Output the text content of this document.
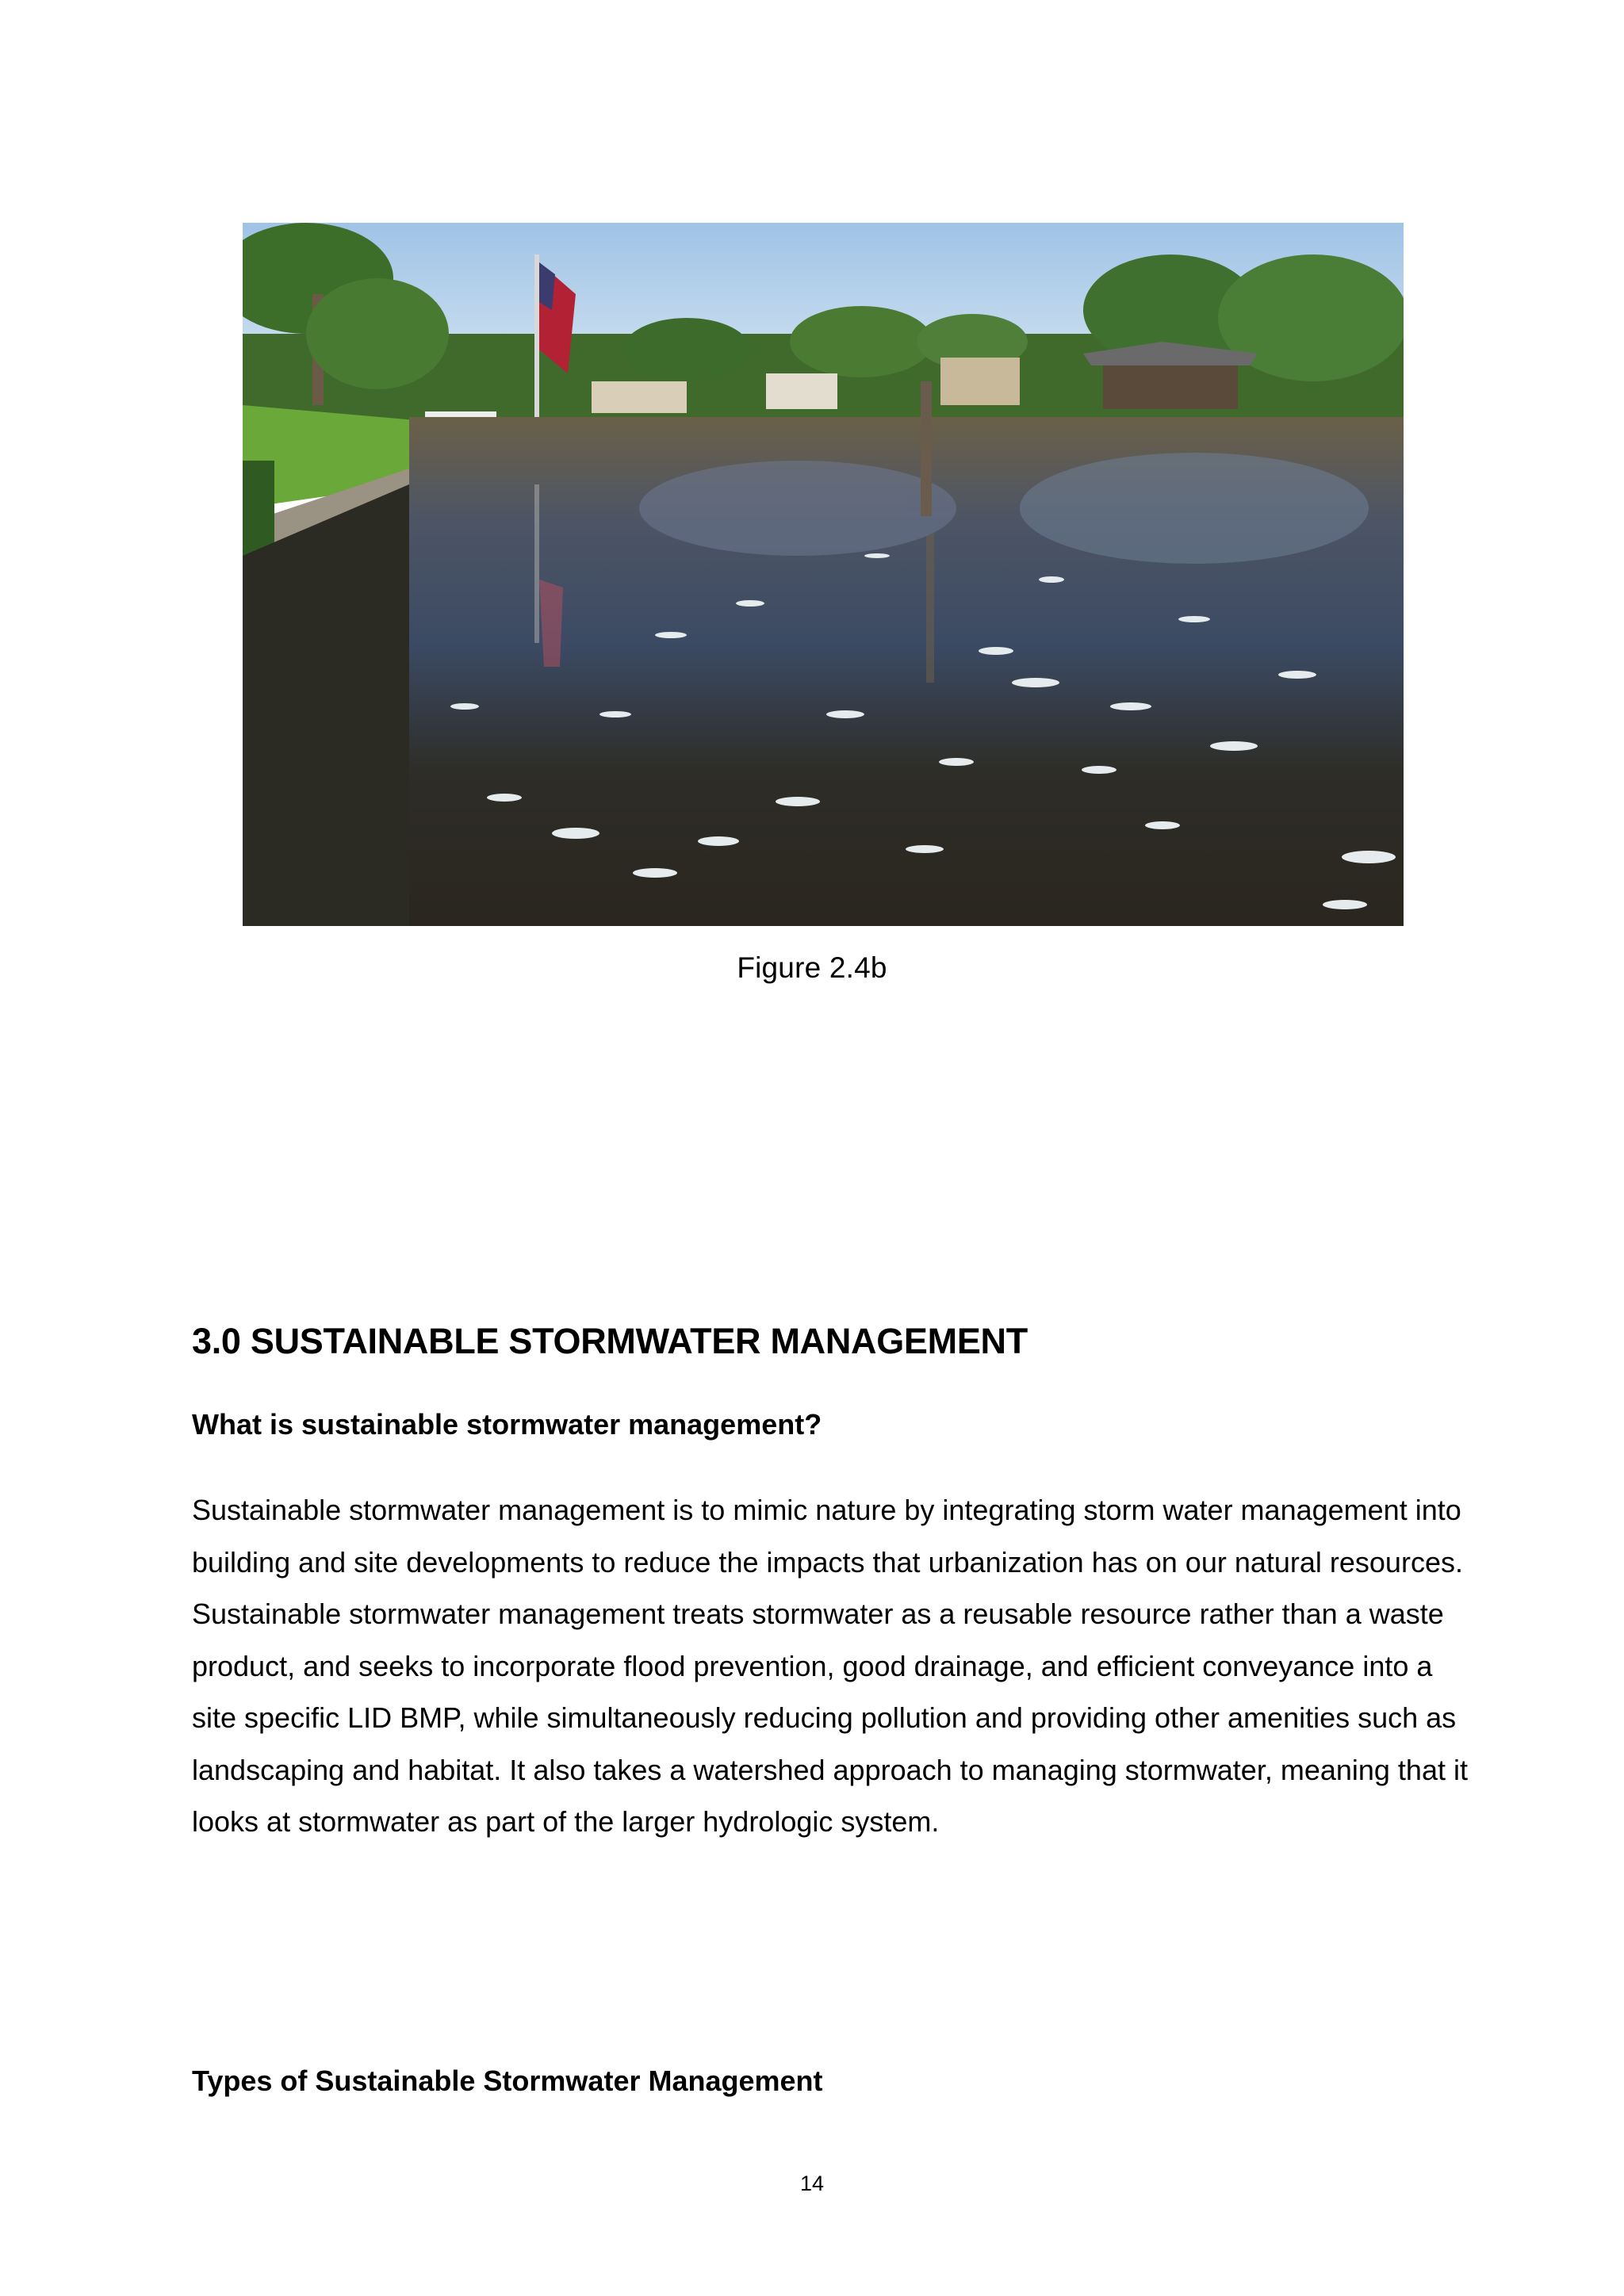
Figure 2.4b
3.0 SUSTAINABLE STORMWATER MANAGEMENT
What is sustainable stormwater management?

Sustainable stormwater management is to mimic nature by integrating storm water management into building and site developments to reduce the impacts that urbanization has on our natural resources. Sustainable stormwater management treats stormwater as a reusable resource rather than a waste product, and seeks to incorporate flood prevention, good drainage, and efficient conveyance into a site specific LID BMP, while simultaneously reducing pollution and providing other amenities such as landscaping and habitat. It also takes a watershed approach to managing stormwater, meaning that it looks at stormwater as part of the larger hydrologic system.

Types of Sustainable Stormwater Management
14
